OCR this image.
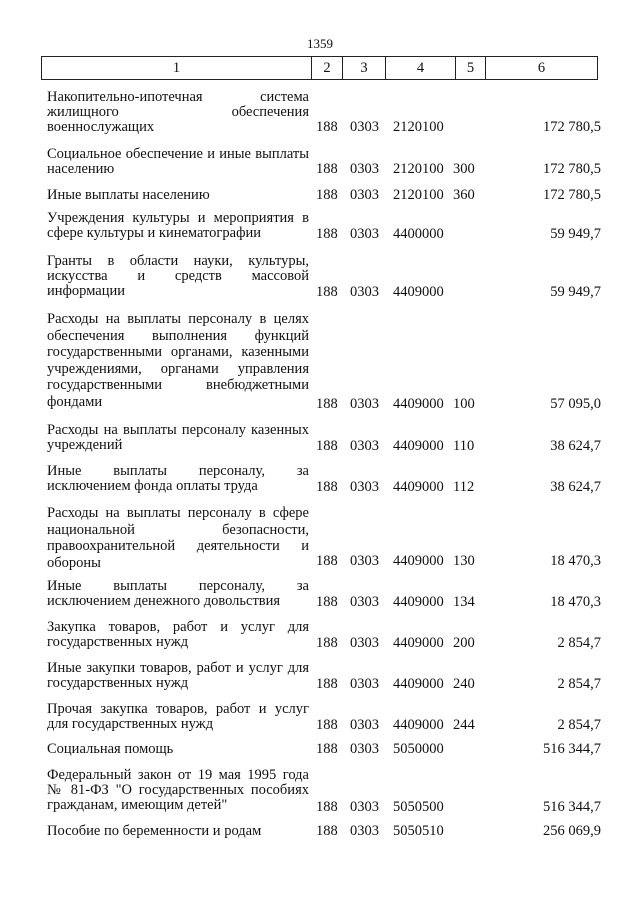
1359
1	2	3	4	5	6
Накопительно-ипотечная система жилищного обеспечения военнослужащих	188 0303 2120100	172 780,5
Социальное обеспечение и иные выплаты населению	188 0303 2120100 300	172 780,5
Иные выплаты населению	188 0303 2120100 360	172 780,5
Учреждения культуры и мероприятия в сфере культуры и кинематографии	188 0303 4400000	59 949,7
Гранты в области науки, культуры, искусства и средств массовой информации	188 0303 4409000	59 949,7
Расходы на выплаты персоналу в целях обеспечения выполнения функций государственными органами, казенными учреждениями, органами управления государственными внебюджетными фондами	188 0303 4409000 100	57 095,0
Расходы на выплаты персоналу казенных учреждений	188 0303 4409000 110	38 624,7
Иные выплаты персоналу, за исключением фонда оплаты труда	188 0303 4409000 112	38 624,7
Расходы на выплаты персоналу в сфере национальной безопасности, правоохранительной деятельности и обороны	188 0303 4409000 130	18 470,3
Иные выплаты персоналу, за исключением денежного довольствия	188 0303 4409000 134	18 470,3
Закупка товаров, работ и услуг для государственных нужд	188 0303 4409000 200	2 854,7
Иные закупки товаров, работ и услуг для государственных нужд	188 0303 4409000 240	2 854,7
Прочая закупка товаров, работ и услуг для государственных нужд	188 0303 4409000 244	2 854,7
Социальная помощь	188 0303 5050000	516 344,7
Федеральный закон от 19 мая 1995 года № 81-ФЗ "О государственных пособиях гражданам, имеющим детей"	188 0303 5050500	516 344,7
Пособие по беременности и родам	188 0303 5050510	256 069,9
